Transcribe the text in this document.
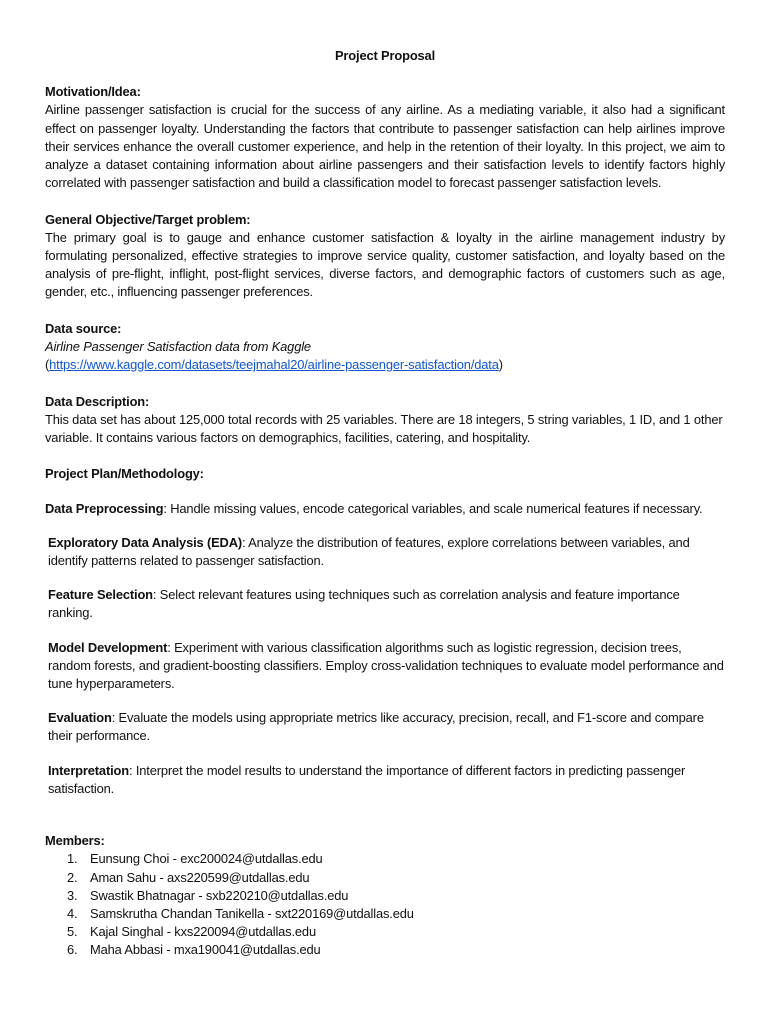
Project Proposal

Motivation/Idea:

Airline passenger satisfaction is crucial for the success of any airline. As a mediating variable, it also had a significant effect on passenger loyalty. Understanding the factors that contribute to passenger satisfaction can help airlines improve their services enhance the overall customer experience, and help in the retention of their loyalty. In this project, we aim to analyze a dataset containing information about airline passengers and their satisfaction levels to identify factors highly correlated with passenger satisfaction and build a classification model to forecast passenger satisfaction levels.

General Objective/Target problem:

The primary goal is to gauge and enhance customer satisfaction & loyalty in the airline management industry by formulating personalized, effective strategies to improve service quality, customer satisfaction, and loyalty based on the analysis of pre-flight, inflight, post-flight services, diverse factors, and demographic factors of customers such as age, gender, etc., influencing passenger preferences.

Data source:

Airline Passenger Satisfaction data from Kaggle

(https://www.kaggle.com/datasets/teejmahal20/airline-passenger-satisfaction/data)

Data Description:

This data set has about 125,000 total records with 25 variables. There are 18 integers, 5 string variables, 1 ID, and 1 other variable. It contains various factors on demographics, facilities, catering, and hospitality.

Project Plan/Methodology:

Data Preprocessing: Handle missing values, encode categorical variables, and scale numerical features if necessary.

Exploratory Data Analysis (EDA): Analyze the distribution of features, explore correlations between variables, and identify patterns related to passenger satisfaction.

Feature Selection: Select relevant features using techniques such as correlation analysis and feature importance ranking.

Model Development: Experiment with various classification algorithms such as logistic regression, decision trees, random forests, and gradient-boosting classifiers. Employ cross-validation techniques to evaluate model performance and tune hyperparameters.

Evaluation: Evaluate the models using appropriate metrics like accuracy, precision, recall, and F1-score and compare their performance.

Interpretation: Interpret the model results to understand the importance of different factors in predicting passenger satisfaction.

Members:

1. Eunsung Choi - exc200024@utdallas.edu
2. Aman Sahu - axs220599@utdallas.edu
3. Swastik Bhatnagar - sxb220210@utdallas.edu
4. Samskrutha Chandan Tanikella - sxt220169@utdallas.edu
5. Kajal Singhal - kxs220094@utdallas.edu
6. Maha Abbasi - mxa190041@utdallas.edu
